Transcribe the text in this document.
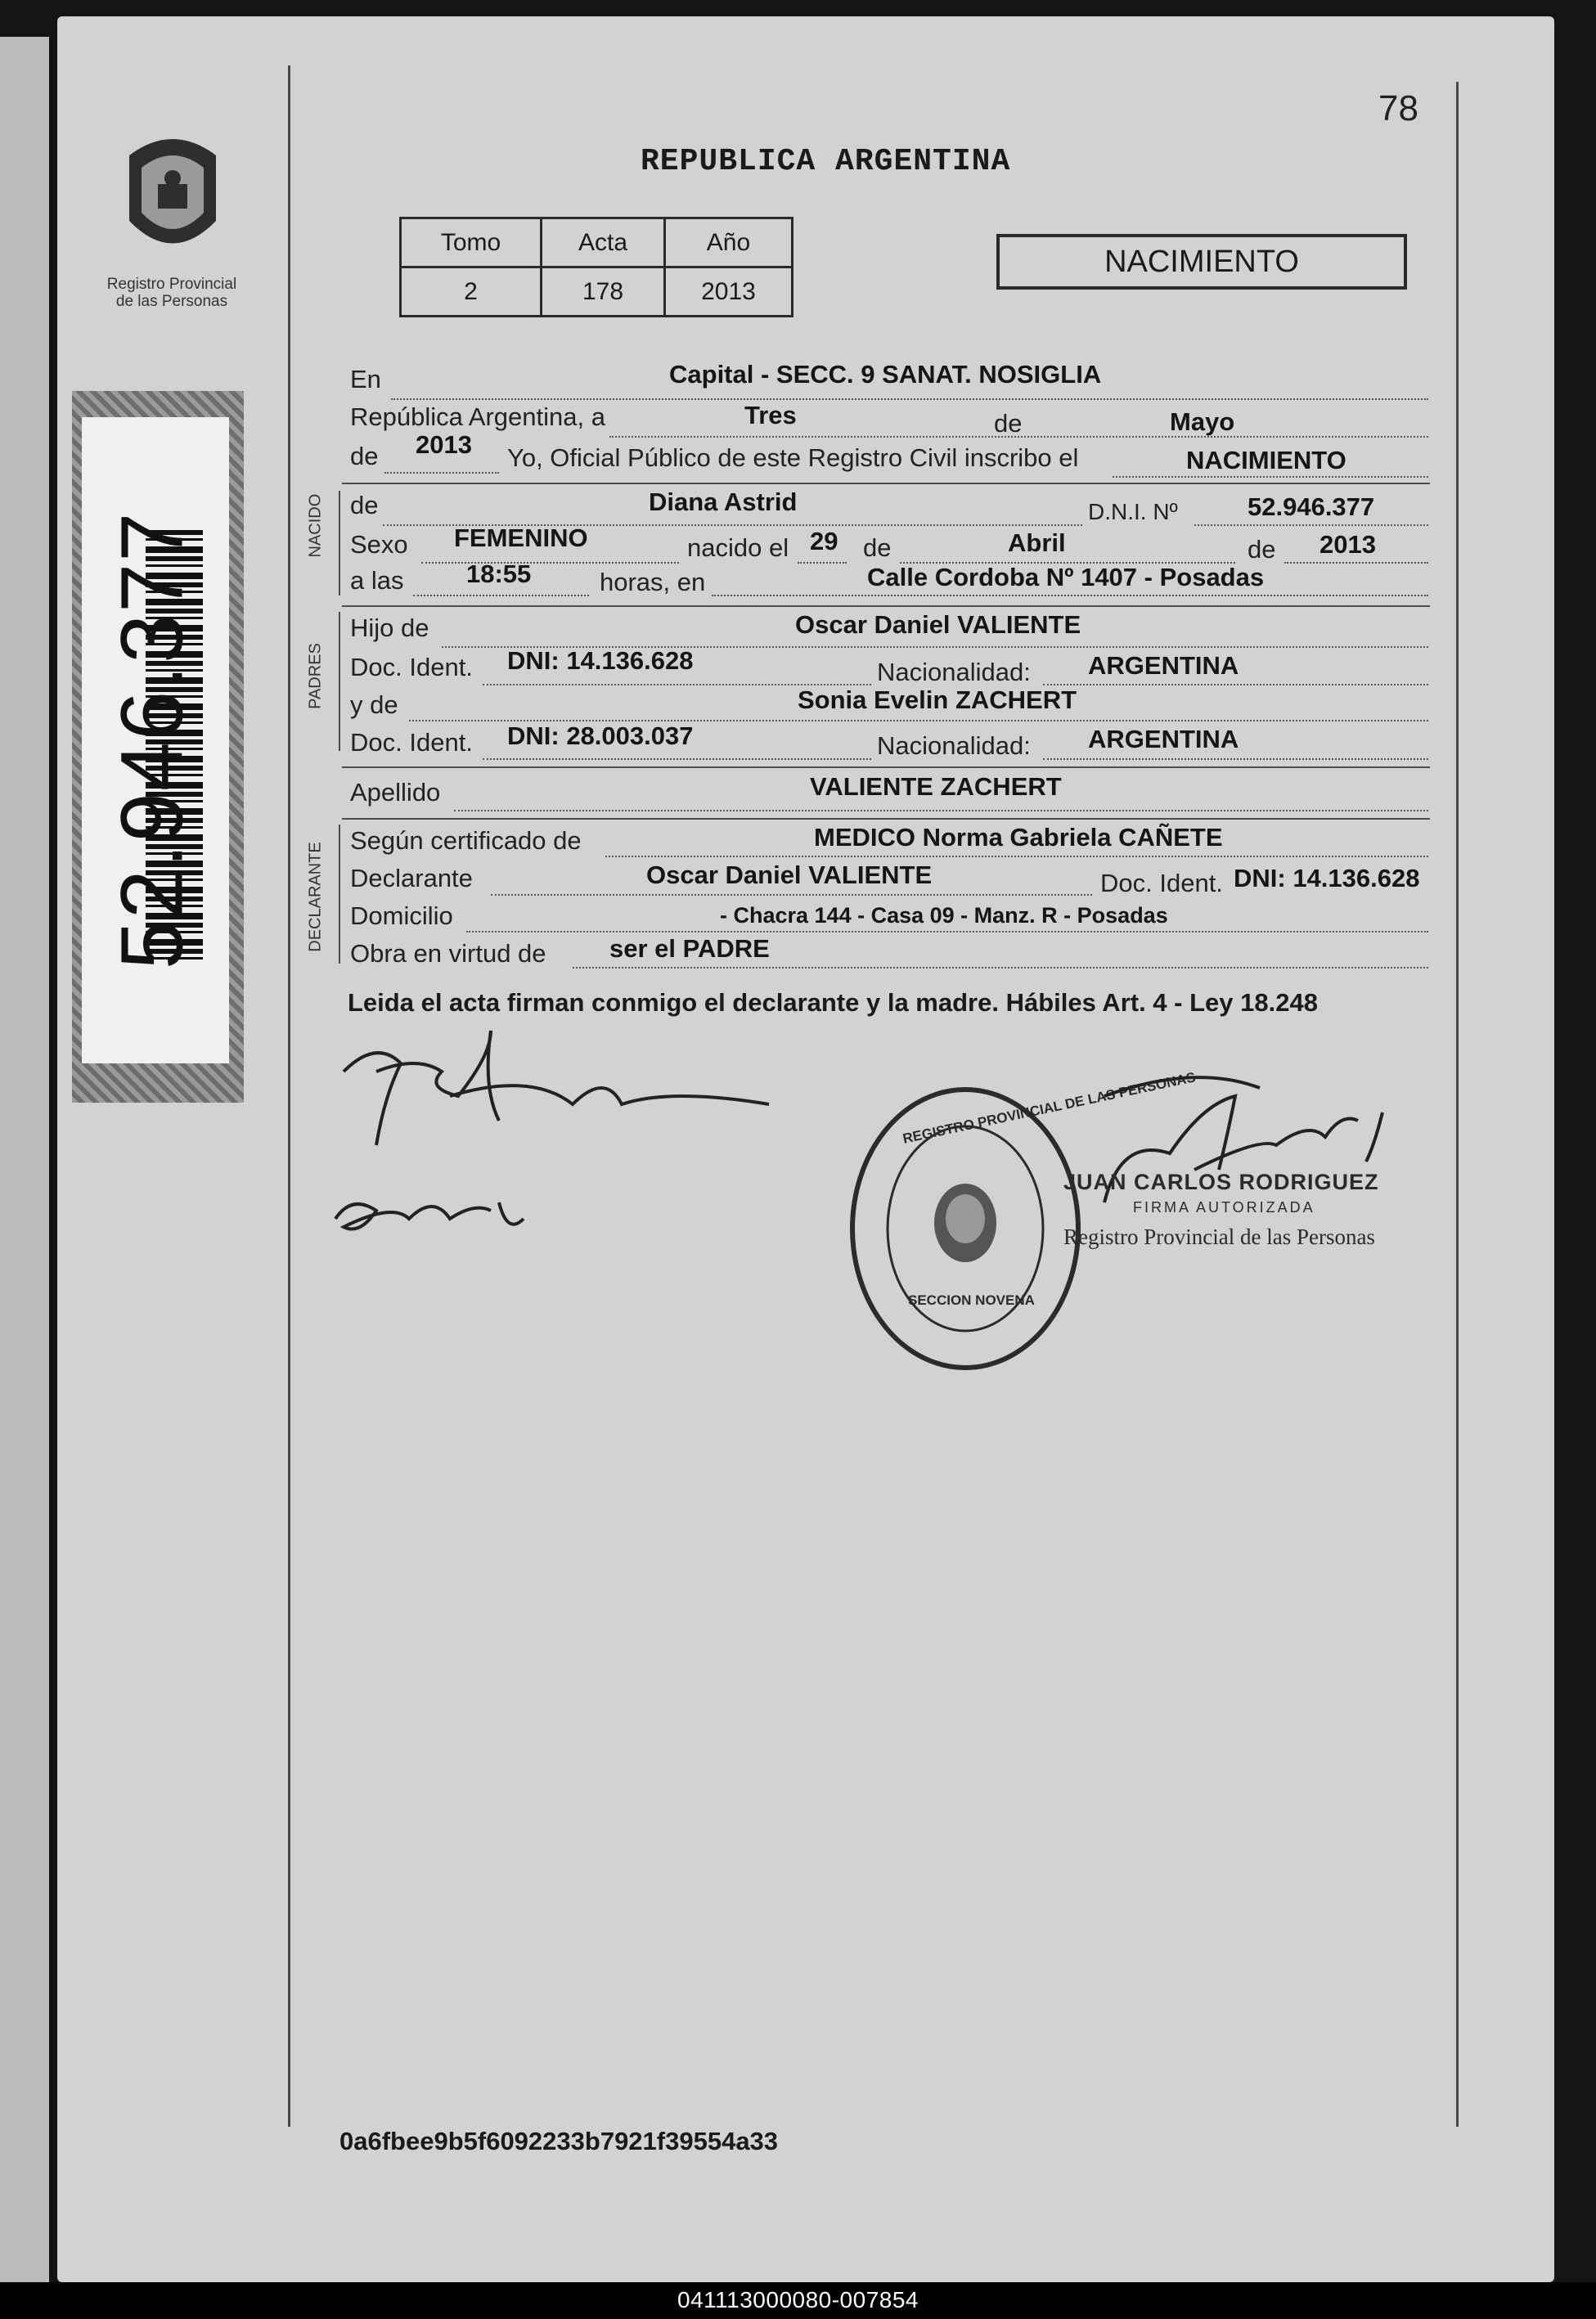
78
Registro Provincial
de las Personas
52.946.377
REPUBLICA ARGENTINA
Tomo	Acta	Año
2	178	2013
NACIMIENTO
En	Capital - SECC. 9 SANAT. NOSIGLIA
República Argentina, a	Tres	de	Mayo
de 2013 Yo, Oficial Público de este Registro Civil inscribo el	NACIMIENTO
NACIDO de	Diana Astrid	D.N.I. Nº	52.946.377
Sexo FEMENINO	nacido el 29 de	Abril	de 2013
a las 18:55	horas, en	Calle Cordoba Nº 1407 - Posadas
PADRES
Hijo de	Oscar Daniel VALIENTE
Doc. Ident. DNI: 14.136.628	Nacionalidad: ARGENTINA
y de	Sonia Evelin ZACHERT
Doc. Ident. DNI: 28.003.037	Nacionalidad: ARGENTINA
Apellido	VALIENTE ZACHERT
DECLARANTE
Según certificado de	MEDICO Norma Gabriela CAÑETE
Declarante	Oscar Daniel VALIENTE	Doc. Ident. DNI: 14.136.628
Domicilio	- Chacra 144 - Casa 09 - Manz. R - Posadas
Obra en virtud de ser el PADRE
Leida el acta firman conmigo el declarante y la madre. Hábiles Art. 4 - Ley 18.248
REGISTRO PROVINCIAL DE LAS PERSONAS
SECCION NOVENA
JUAN CARLOS RODRIGUEZ
FIRMA AUTORIZADA
Registro Provincial de las Personas
0a6fbee9b5f6092233b7921f39554a33
041113000080-007854
